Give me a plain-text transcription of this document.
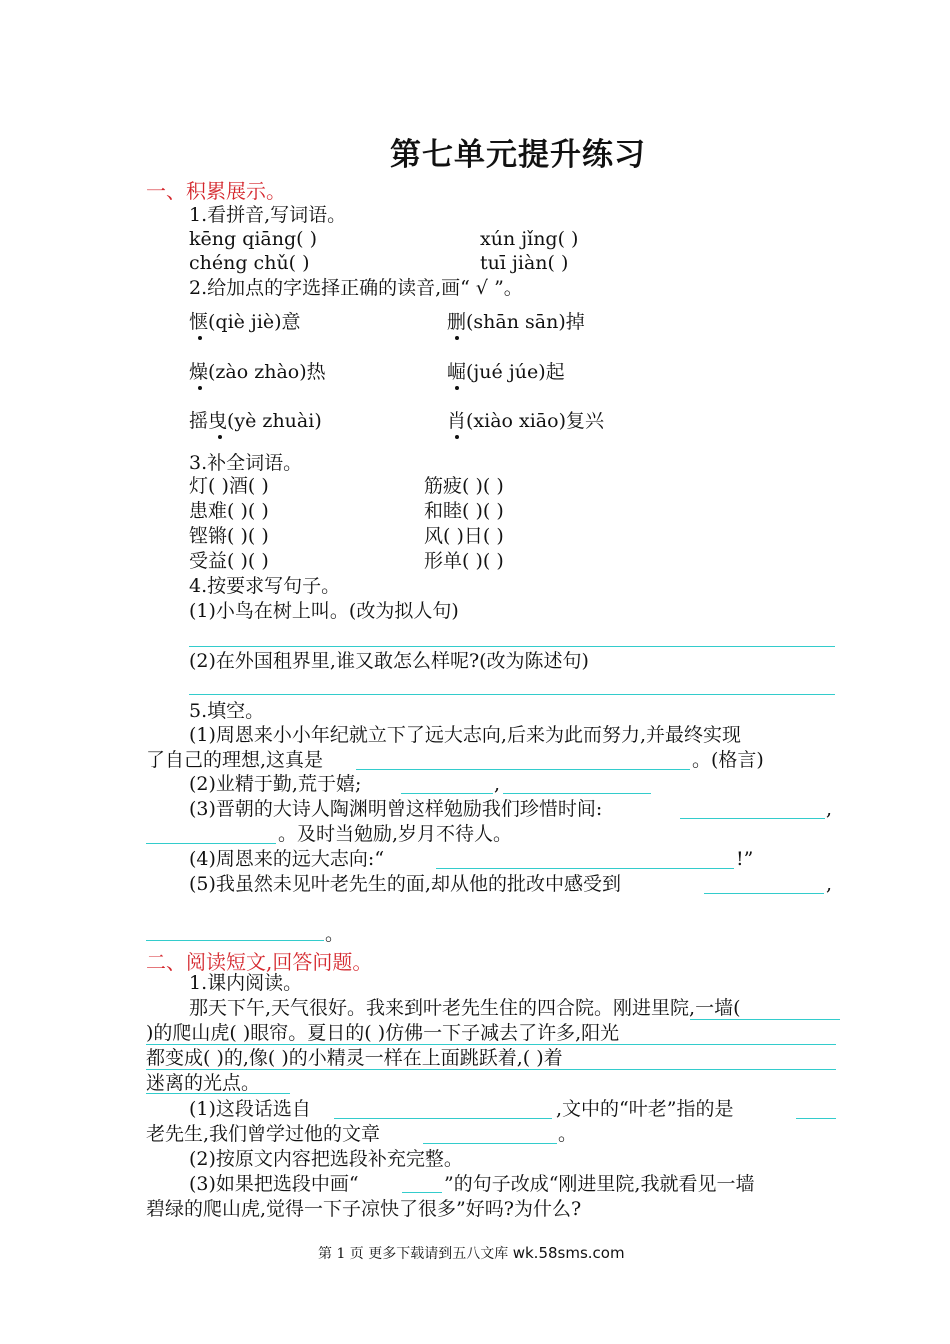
第七单元提升练习
一、积累展示。
1.看拼音,写词语。
kēng qiāng( )	xún jǐng( )
chéng chǔ( )	tuī jiàn( )
2.给加点的字选择正确的读音,画“ √ ”。
惬(qiè jiè)意	删(shān sān)掉
燥(zào zhào)热	崛(jué júe)起
摇曳(yè zhuài)	肖(xiào xiāo)复兴
3.补全词语。
灯( )酒( )	筋疲( )( )
患难( )( )	和睦( )( )
铿锵( )( )	风( )日( )
受益( )( )	形单( )( )
4.按要求写句子。
(1)小鸟在树上叫。(改为拟人句)
(2)在外国租界里,谁又敢怎么样呢?(改为陈述句)
5.填空。
(1)周恩来小小年纪就立下了远大志向,后来为此而努力,并最终实现
了自己的理想,这真是	。(格言)
(2)业精于勤,荒于嬉;	,
(3)晋朝的大诗人陶渊明曾这样勉励我们珍惜时间:	,
。及时当勉励,岁月不待人。
(4)周恩来的远大志向:“	!”
(5)我虽然未见叶老先生的面,却从他的批改中感受到	,
。
二、阅读短文,回答问题。
1.课内阅读。
那天下午,天气很好。我来到叶老先生住的四合院。刚进里院,一墙(
)的爬山虎( )眼帘。夏日的( )仿佛一下子减去了许多,阳光
都变成( )的,像( )的小精灵一样在上面跳跃着,( )着
迷离的光点。
(1)这段话选自	,文中的“叶老”指的是
老先生,我们曾学过他的文章	。
(2)按原文内容把选段补充完整。
(3)如果把选段中画“	”的句子改成“刚进里院,我就看见一墙
碧绿的爬山虎,觉得一下子凉快了很多”好吗?为什么?
第 1 页 更多下载请到五八文库 wk.58sms.com
